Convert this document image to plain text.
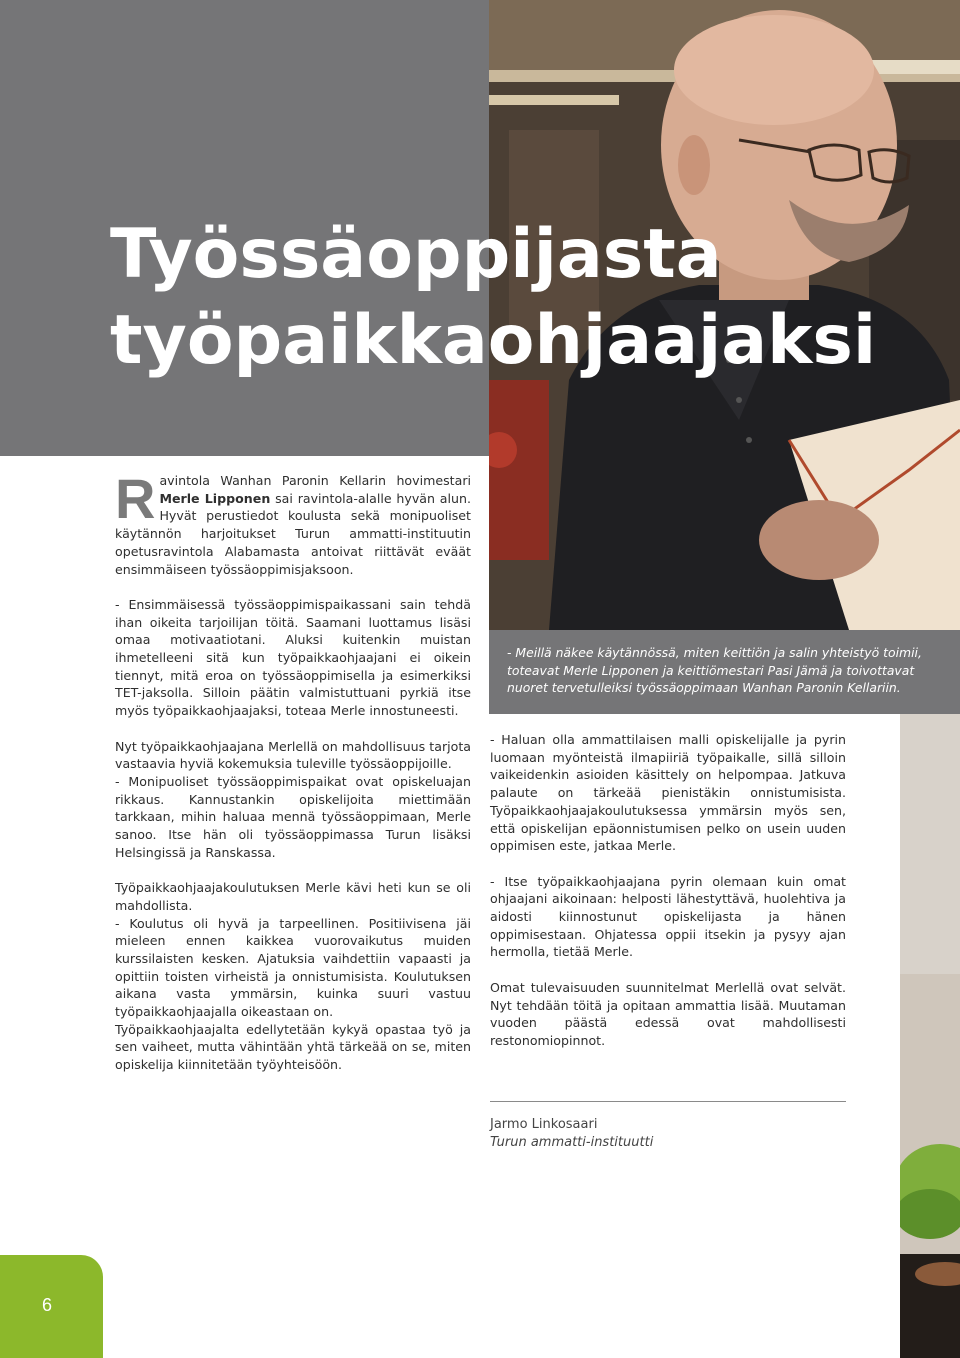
Työssäoppijasta
työpaikkaohjaajaksi
- Meillä näkee käytännössä, miten keittiön ja salin yhteistyö toimii, toteavat Merle Lipponen ja keittiömestari Pasi Jämä ja toivottavat nuoret tervetulleiksi työssäoppimaan Wanhan Paronin Kellariin.

Ravintola Wanhan Paronin Kellarin hovimestari Merle Lipponen sai ravintola-alalle hyvän alun. Hyvät perustiedot koulusta sekä monipuoliset käytännön harjoitukset Turun ammatti-instituutin opetusravintola Alabamasta antoivat riittävät eväät ensimmäiseen työssäoppimisjaksoon.

- Ensimmäisessä työssäoppimispaikassani sain tehdä ihan oikeita tarjoilijan töitä. Saamani luottamus lisäsi omaa motivaatiotani. Aluksi kuitenkin muistan ihmetelleeni sitä kun työpaikkaohjaajani ei oikein tiennyt, mitä eroa on työssäoppimisella ja esimerkiksi TET-jaksolla. Silloin päätin valmistuttuani pyrkiä itse myös työpaikkaohjaajaksi, toteaa Merle innostuneesti.

Nyt työpaikkaohjaajana Merlellä on mahdollisuus tarjota vastaavia hyviä kokemuksia tuleville työssäoppijoille.

- Monipuoliset työssäoppimispaikat ovat opiskeluajan rikkaus. Kannustankin opiskelijoita miettimään tarkkaan, mihin haluaa mennä työssäoppimaan, Merle sanoo. Itse hän oli työssäoppimassa Turun lisäksi Helsingissä ja Ranskassa.

Työpaikkaohjaajakoulutuksen Merle kävi heti kun se oli mahdollista.

- Koulutus oli hyvä ja tarpeellinen. Positiivisena jäi mieleen ennen kaikkea vuorovaikutus muiden kurssilaisten kesken. Ajatuksia vaihdettiin vapaasti ja opittiin toisten virheistä ja onnistumisista. Koulutuksen aikana vasta ymmärsin, kuinka suuri vastuu työpaikkaohjaajalla oikeastaan on.

Työpaikkaohjaajalta edellytetään kykyä opastaa työ ja sen vaiheet, mutta vähintään yhtä tärkeää on se, miten opiskelija kiinnitetään työyhteisöön.

- Haluan olla ammattilaisen malli opiskelijalle ja pyrin luomaan myönteistä ilmapiiriä työpaikalle, sillä silloin vaikeidenkin asioiden käsittely on helpompaa. Jatkuva palaute on tärkeää pienistäkin onnistumisista. Työpaikkaohjaajakoulutuksessa ymmärsin myös sen, että opiskelijan epäonnistumisen pelko on usein uuden oppimisen este, jatkaa Merle.

- Itse työpaikkaohjaajana pyrin olemaan kuin omat ohjaajani aikoinaan: helposti lähestyttävä, huolehtiva ja aidosti kiinnostunut opiskelijasta ja hänen oppimisestaan. Ohjatessa oppii itsekin ja pysyy ajan hermolla, tietää Merle.

Omat tulevaisuuden suunnitelmat Merlellä ovat selvät. Nyt tehdään töitä ja opitaan ammattia lisää. Muutaman vuoden päästä edessä ovat mahdollisesti restonomiopinnot.

Jarmo Linkosaari
Turun ammatti-instituutti
6
